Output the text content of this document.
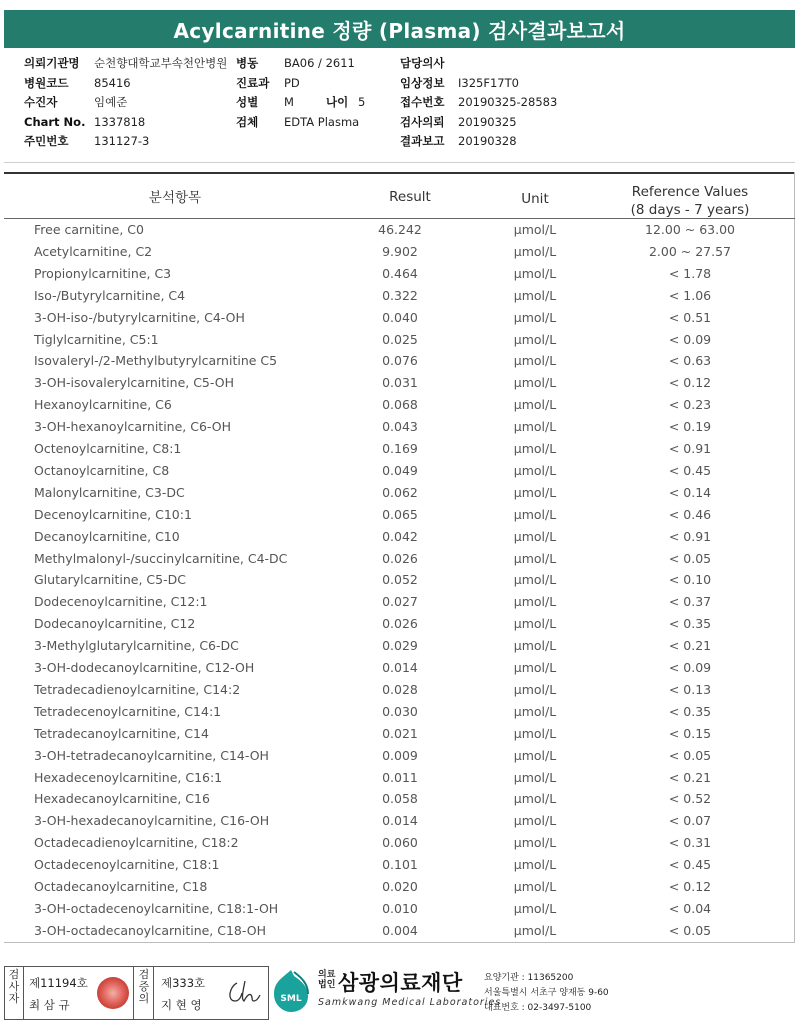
Acylcarnitine 정량 (Plasma) 검사결과보고서
의뢰기관명 순천향대학교부속천안병원
병원코드 85416
수진자	임예준
Chart No. 1337818
주민번호 131127-3
병동 BA06 / 2611
진료과 PD
성별 M	나이 5
검체 EDTA Plasma
담당의사
임상정보 I325F17T0
접수번호 20190325-28583
검사의뢰 20190325
결과보고 20190328
분석항목	Result	Unit	Reference Values
(8 days - 7 years)
Free carnitine, C0	46.242	μmol/L	12.00 ~ 63.00
Acetylcarnitine, C2	9.902	μmol/L	2.00 ~ 27.57
Propionylcarnitine, C3	0.464	μmol/L	< 1.78
Iso-/Butyrylcarnitine, C4	0.322	μmol/L	< 1.06
3-OH-iso-/butyrylcarnitine, C4-OH	0.040	μmol/L	< 0.51
Tiglylcarnitine, C5:1	0.025	μmol/L	< 0.09
Isovaleryl-/2-Methylbutyrylcarnitine C5	0.076	μmol/L	< 0.63
3-OH-isovalerylcarnitine, C5-OH	0.031	μmol/L	< 0.12
Hexanoylcarnitine, C6	0.068	μmol/L	< 0.23
3-OH-hexanoylcarnitine, C6-OH	0.043	μmol/L	< 0.19
Octenoylcarnitine, C8:1	0.169	μmol/L	< 0.91
Octanoylcarnitine, C8	0.049	μmol/L	< 0.45
Malonylcarnitine, C3-DC	0.062	μmol/L	< 0.14
Decenoylcarnitine, C10:1	0.065	μmol/L	< 0.46
Decanoylcarnitine, C10	0.042	μmol/L	< 0.91
Methylmalonyl-/succinylcarnitine, C4-DC	0.026	μmol/L	< 0.05
Glutarylcarnitine, C5-DC	0.052	μmol/L	< 0.10
Dodecenoylcarnitine, C12:1	0.027	μmol/L	< 0.37
Dodecanoylcarnitine, C12	0.026	μmol/L	< 0.35
3-Methylglutarylcarnitine, C6-DC	0.029	μmol/L	< 0.21
3-OH-dodecanoylcarnitine, C12-OH	0.014	μmol/L	< 0.09
Tetradecadienoylcarnitine, C14:2	0.028	μmol/L	< 0.13
Tetradecenoylcarnitine, C14:1	0.030	μmol/L	< 0.35
Tetradecanoylcarnitine, C14	0.021	μmol/L	< 0.15
3-OH-tetradecanoylcarnitine, C14-OH	0.009	μmol/L	< 0.05
Hexadecenoylcarnitine, C16:1	0.011	μmol/L	< 0.21
Hexadecanoylcarnitine, C16	0.058	μmol/L	< 0.52
3-OH-hexadecanoylcarnitine, C16-OH	0.014	μmol/L	< 0.07
Octadecadienoylcarnitine, C18:2	0.060	μmol/L	< 0.31
Octadecenoylcarnitine, C18:1	0.101	μmol/L	< 0.45
Octadecanoylcarnitine, C18	0.020	μmol/L	< 0.12
3-OH-octadecenoylcarnitine, C18:1-OH	0.010	μmol/L	< 0.04
3-OH-octadecanoylcarnitine, C18-OH	0.004	μmol/L	< 0.05
검사자
제11194호
최 삼 규
검증의
제333호
지 현 영	SML
의료법인 삼광의료재단
Samkwang Medical Laboratories
요양기관 : 11365200
서울특별시 서초구 양재동 9-60
대표번호 : 02-3497-5100
